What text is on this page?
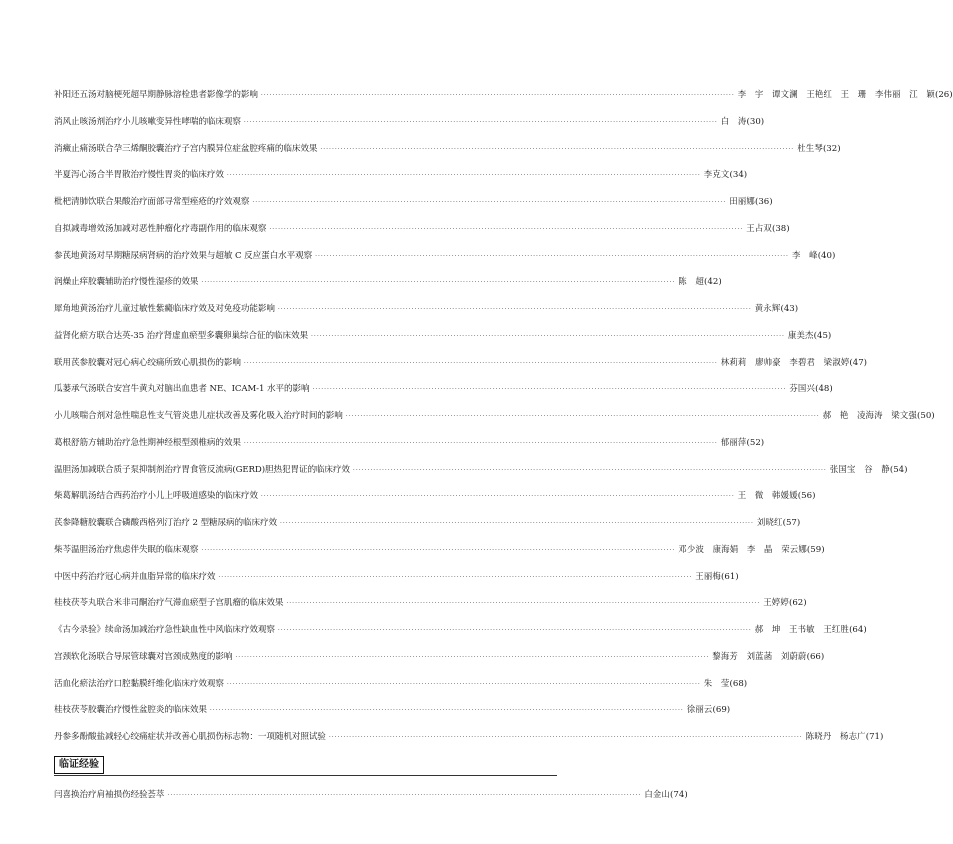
补阳还五汤对脑梗死超早期静脉溶栓患者影像学的影响 ·····	李　宇　谭文澜　王艳红　王　珊　李伟丽　江　颖 (26)
消风止咳汤剂治疗小儿咳嗽变异性哮喘的临床观察 ·····	白　涛 (30)
消癥止痛汤联合孕三烯酮胶囊治疗子宫内膜异位症盆腔疼痛的临床效果 ·····	杜生琴 (32)
半夏泻心汤合半胃散治疗慢性胃炎的临床疗效 ·····	李克文 (34)
枇杷清肺饮联合果酸治疗面部寻常型痤疮的疗效观察 ·····	田丽娜 (36)
自拟减毒增效汤加减对恶性肿瘤化疗毒副作用的临床观察 ·····	王占双 (38)
参芪地黄汤对早期糖尿病肾病的治疗效果与超敏 C 反应蛋白水平观察 ·····	李　峰 (40)
润燥止痒胶囊辅助治疗慢性湿疹的效果 ·····	陈　超 (42)
犀角地黄汤治疗儿童过敏性紫癜临床疗效及对免疫功能影响 ·····	黄永辉 (43)
益肾化瘀方联合达英-35 治疗肾虚血瘀型多囊卵巢综合征的临床效果 ·····	康美杰 (45)
联用芪参胶囊对冠心病心绞痛所致心肌损伤的影响 ·····	林莉莉　廖帅豪　李碧君　梁淑婷 (47)
瓜蒌承气汤联合安宫牛黄丸对脑出血患者 NE、ICAM-1 水平的影响 ·····	芬国兴 (48)
小儿咳喘合剂对急性喘息性支气管炎患儿症状改善及雾化吸入治疗时间的影响 ·····	郝　艳　凌海涛　梁文强 (50)
葛根舒筋方辅助治疗急性期神经根型颈椎病的效果 ·····	郁丽萍 (52)
温胆汤加减联合质子泵抑制剂治疗胃食管反流病(GERD)胆热犯胃证的临床疗效 ·····	张国宝　谷　静 (54)
柴葛解肌汤结合西药治疗小儿上呼吸道感染的临床疗效 ·····	王　微　韩媛媛 (56)
芪参降糖胶囊联合磷酸西格列汀治疗 2 型糖尿病的临床疗效 ·····	刘晓红 (57)
柴芩温胆汤治疗焦虑伴失眠的临床观察 ·····	邓少波　康海娟　李　晶　荣云娜 (59)
中医中药治疗冠心病并血脂异常的临床疗效 ·····	王丽梅 (61)
桂枝茯苓丸联合米非司酮治疗气滞血瘀型子宫肌瘤的临床效果 ·····	王婷婷 (62)
《古今录验》续命汤加减治疗急性缺血性中风临床疗效观察 ·····	郝　坤　王书敏　王红胜 (64)
宫颈软化汤联合导尿管球囊对宫颈成熟度的影响 ·····	黎海芳　刘蓝菡　刘蔚蔚 (66)
活血化瘀法治疗口腔黏膜纤维化临床疗效观察 ·····	朱　莹 (68)
桂枝茯苓胶囊治疗慢性盆腔炎的临床效果 ·····	徐丽云 (69)
丹参多酚酸盐减轻心绞痛症状并改善心肌损伤标志物：一项随机对照试验 ·····	陈晓丹　杨志广 (71)
临证经验
闫喜换治疗肩袖损伤经验荟萃 ·····	白金山 (74)
